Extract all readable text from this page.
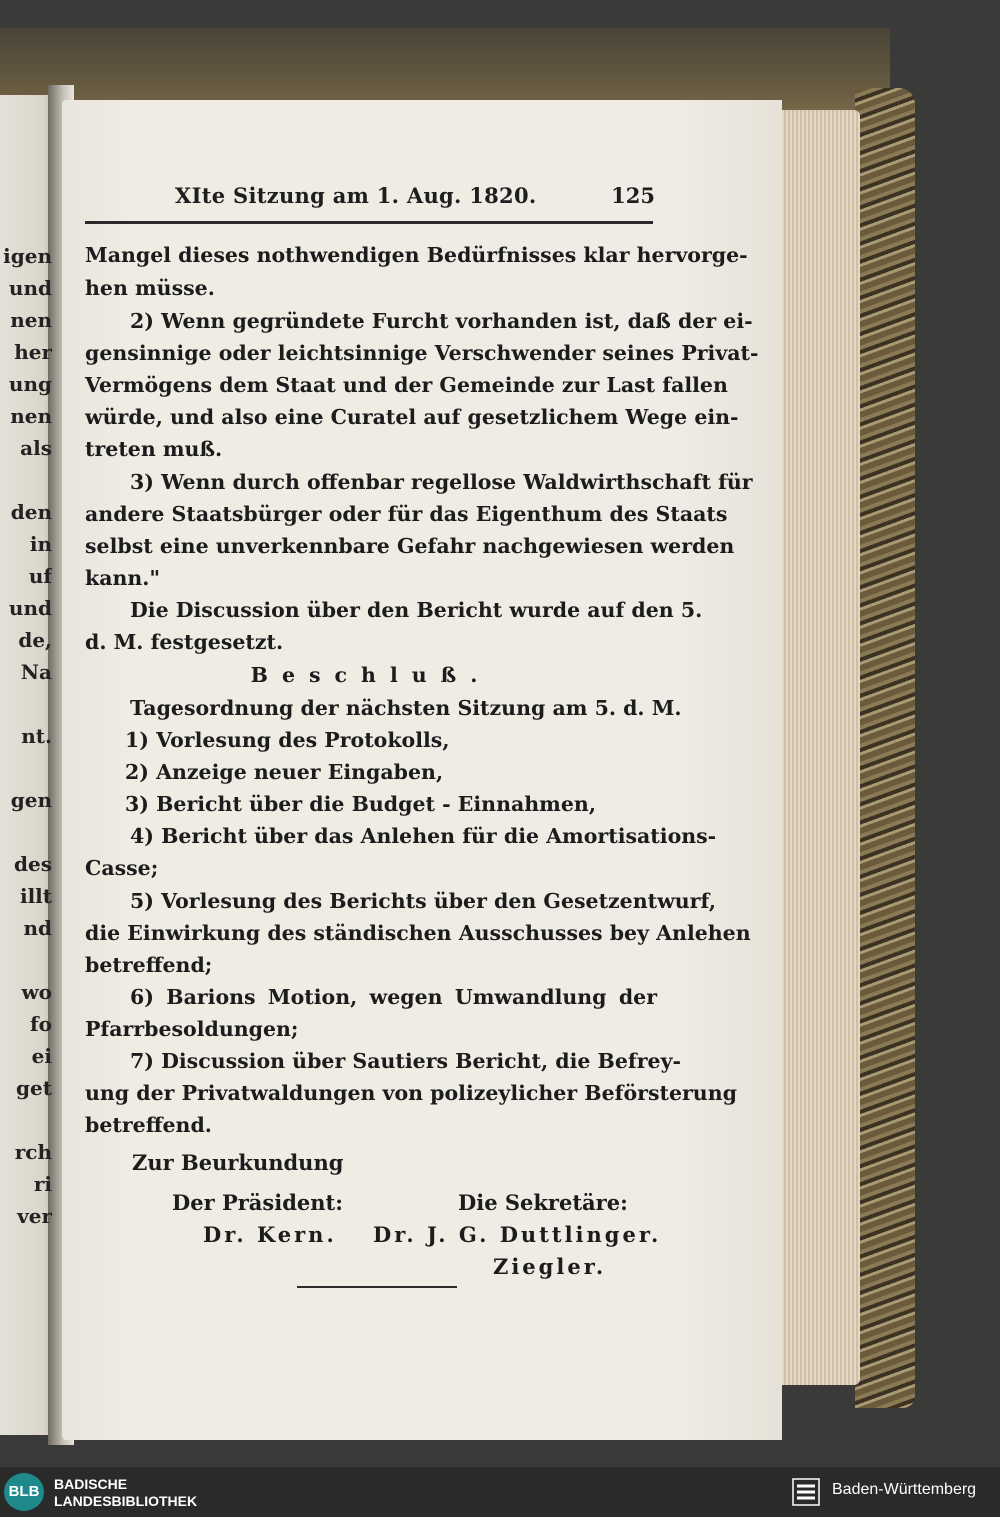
igen
und
nen
her
ung
nen
als
den
in
uf
und
de,
Na
nt.
gen
des
illt
nd
wo
fo
ei
get
rch
ri
ver
XIte Sitzung am 1. Aug. 1820.	125
Mangel dieses nothwendigen Bedürfnisses klar hervorge-
hen müsse.
2) Wenn gegründete Furcht vorhanden ist, daß der ei-
gensinnige oder leichtsinnige Verschwender seines Privat-
Vermögens dem Staat und der Gemeinde zur Last fallen
würde, und also eine Curatel auf gesetzlichem Wege ein-
treten muß.
3) Wenn durch offenbar regellose Waldwirthschaft für
andere Staatsbürger oder für das Eigenthum des Staats
selbst eine unverkennbare Gefahr nachgewiesen werden
kann."
Die Discussion über den Bericht wurde auf den 5.
d. M. festgesetzt.
Beschluß.
Tagesordnung der nächsten Sitzung am 5. d. M.
1) Vorlesung des Protokolls,
2) Anzeige neuer Eingaben,
3) Bericht über die Budget - Einnahmen,
4) Bericht über das Anlehen für die Amortisations-
Casse;
5) Vorlesung des Berichts über den Gesetzentwurf,
die Einwirkung des ständischen Ausschusses bey Anlehen
betreffend;
6) Barions Motion, wegen Umwandlung der
Pfarrbesoldungen;
7) Discussion über Sautiers Bericht, die Befrey-
ung der Privatwaldungen von polizeylicher Beförsterung
betreffend.
Zur Beurkundung
Der Präsident:
Dr. Kern.
Die Sekretäre:
Dr. J. G. Duttlinger.
Ziegler.
BLB	BADISCHE
LANDESBIBLIOTHEK
Baden-Württemberg
